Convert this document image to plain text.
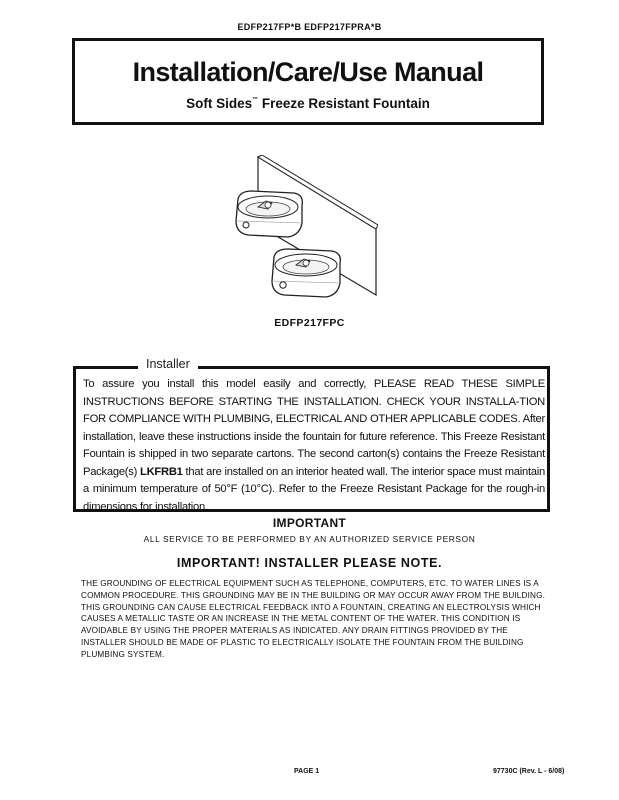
EDFP217FP*B EDFP217FPRA*B
Installation/Care/Use Manual
Soft Sides™ Freeze Resistant Fountain
EDFP217FPC
To assure you install this model easily and correctly, PLEASE READ THESE SIMPLE INSTRUCTIONS BEFORE STARTING THE INSTALLATION. CHECK YOUR INSTALLA-TION FOR COMPLIANCE WITH PLUMBING, ELECTRICAL AND OTHER APPLICABLE CODES. After installation, leave these instructions inside the fountain for future reference. This Freeze Resistant Fountain is shipped in two separate cartons. The second carton(s) contains the Freeze Resistant Package(s) LKFRB1 that are installed on an interior heated wall. The interior space must maintain a minimum temperature of 50°F (10°C). Refer to the Freeze Resistant Package for the rough-in dimensions for installation.
Installer
IMPORTANT
ALL SERVICE TO BE PERFORMED BY AN AUTHORIZED SERVICE PERSON
IMPORTANT! INSTALLER PLEASE NOTE.
THE GROUNDING OF ELECTRICAL EQUIPMENT SUCH AS TELEPHONE, COMPUTERS, ETC. TO WATER LINES IS A COMMON PROCEDURE. THIS GROUNDING MAY BE IN THE BUILDING OR MAY OCCUR AWAY FROM THE BUILDING. THIS GROUNDING CAN CAUSE ELECTRICAL FEEDBACK INTO A FOUNTAIN, CREATING AN ELECTROLYSIS WHICH CAUSES A METALLIC TASTE OR AN INCREASE IN THE METAL CONTENT OF THE WATER. THIS CONDITION IS AVOIDABLE BY USING THE PROPER MATERIALS AS INDICATED. ANY DRAIN FITTINGS PROVIDED BY THE INSTALLER SHOULD BE MADE OF PLASTIC TO ELECTRICALLY ISOLATE THE FOUNTAIN FROM THE BUILDING PLUMBING SYSTEM.
PAGE 1	97730C (Rev. L - 6/08)
